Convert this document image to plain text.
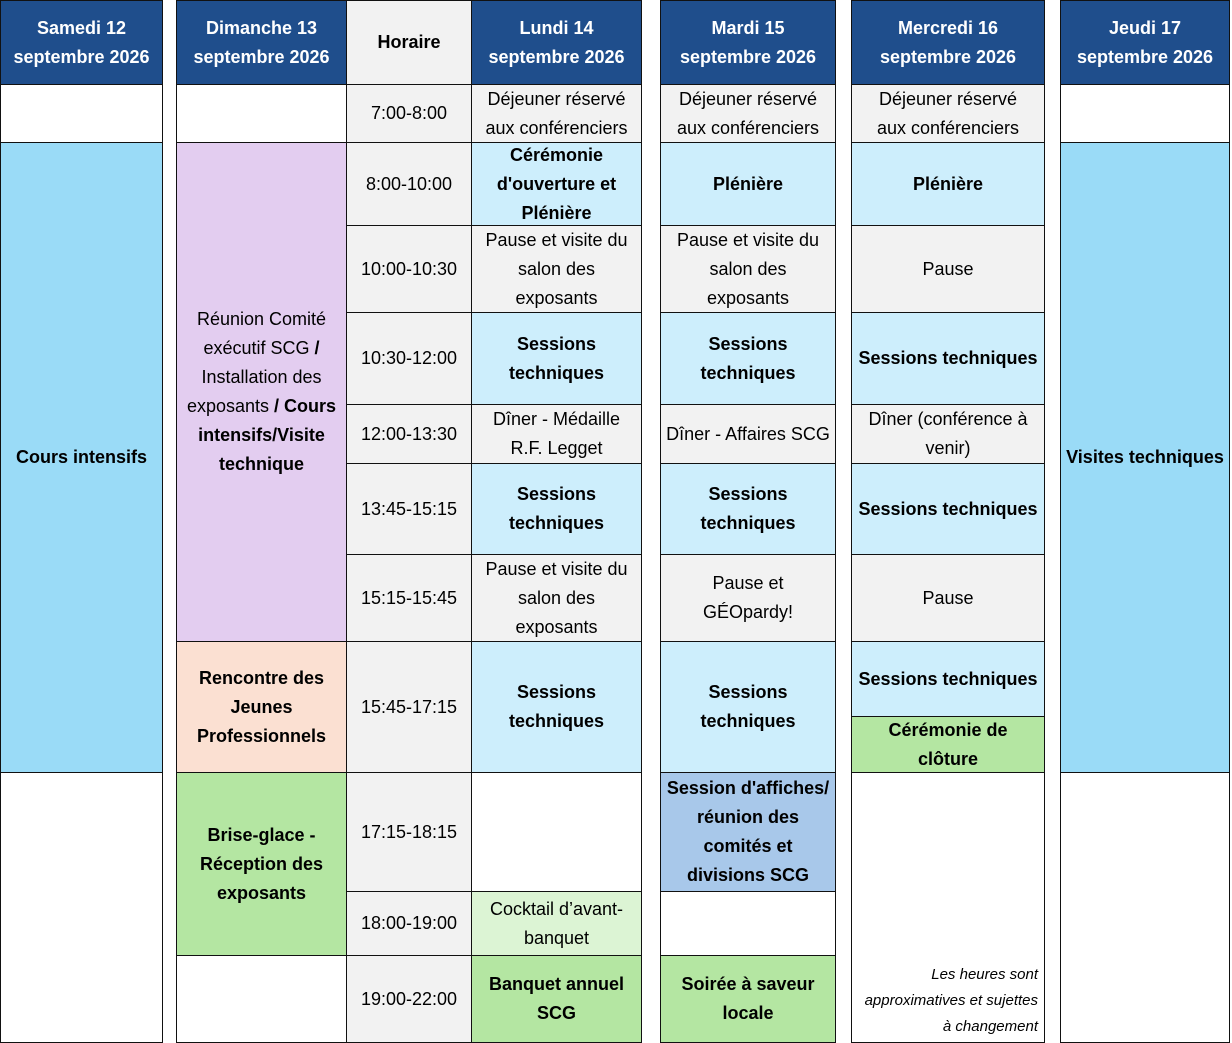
Samedi 12 septembre 2026
Dimanche 13 septembre 2026
Horaire
Lundi 14 septembre 2026
Mardi 15 septembre 2026
Mercredi 16 septembre 2026
Jeudi 17 septembre 2026
Cours intensifs
Réunion Comité exécutif SCG / Installation des exposants / Cours intensifs/Visite technique
Rencontre des Jeunes Professionnels
Brise-glace - Réception des exposants
7:00-8:00
8:00-10:00
10:00-10:30
10:30-12:00
12:00-13:30
13:45-15:15
15:15-15:45
15:45-17:15
17:15-18:15
18:00-19:00
19:00-22:00
Déjeuner réservé aux conférenciers
Cérémonie d'ouverture et Plénière
Pause et visite du salon des exposants
Sessions techniques
Dîner - Médaille R.F. Legget
Sessions techniques
Pause et visite du salon des exposants
Sessions techniques
Cocktail d’avant-banquet
Banquet annuel SCG
Déjeuner réservé aux conférenciers
Plénière
Pause et visite du salon des exposants
Sessions techniques
Dîner - Affaires SCG
Sessions techniques
Pause et GÉOpardy!
Sessions techniques
Session d'affiches/ réunion des comités et divisions SCG
Soirée à saveur locale
Déjeuner réservé aux conférenciers
Plénière
Pause
Sessions techniques
Dîner (conférence à venir)
Sessions techniques
Pause
Sessions techniques
Cérémonie de clôture
Les heures sont approximatives et sujettes à changement
Visites techniques
